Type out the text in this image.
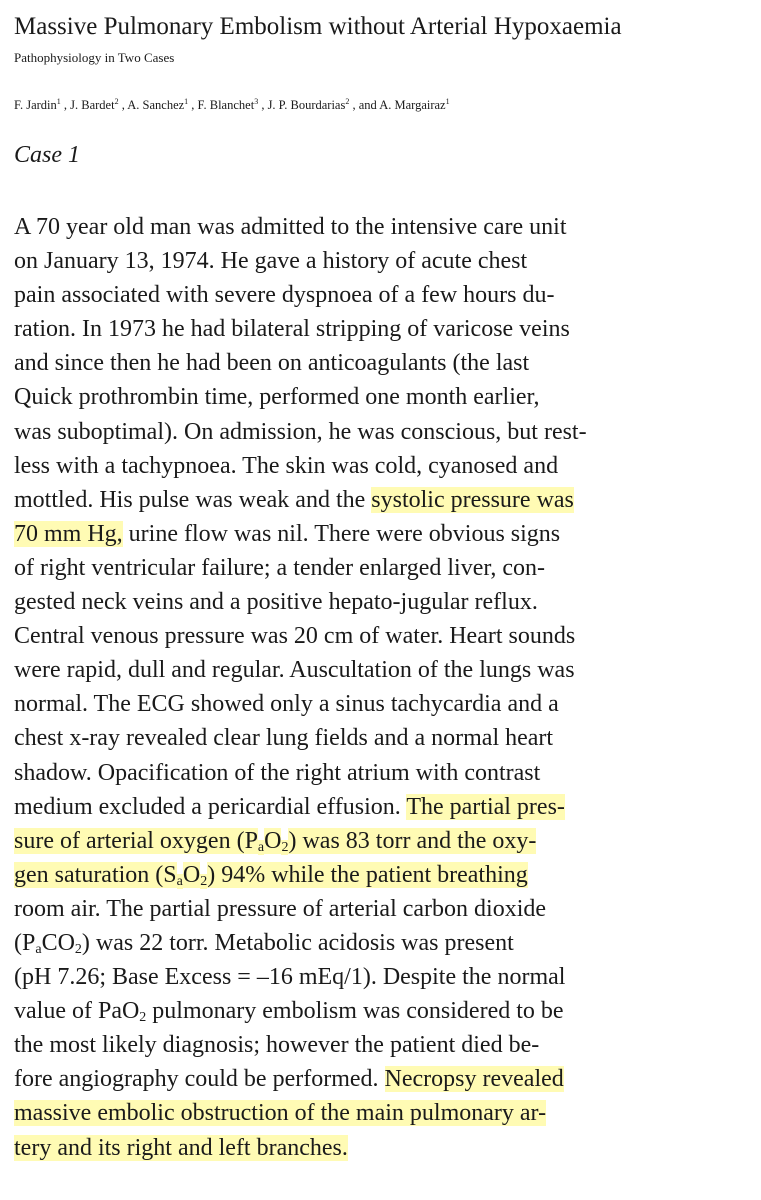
Massive Pulmonary Embolism without Arterial Hypoxaemia

Pathophysiology in Two Cases

F. Jardin$^1$ , J. Bardet$^2$ , A. Sanchez$^1$ , F. Blanchet$^3$ , J. P. Bourdarias$^2$ , and A. Margairaz$^1$

Case 1
A 70 year old man was admitted to the intensive care unit
on January 13, 1974. He gave a history of acute chest
pain associated with severe dyspnoea of a few hours du-
ration. In 1973 he had bilateral stripping of varicose veins
and since then he had been on anticoagulants (the last
Quick prothrombin time, performed one month earlier,
was suboptimal). On admission, he was conscious, but rest-
less with a tachypnoea. The skin was cold, cyanosed and
mottled. His pulse was weak and the systolic pressure was
70 mm Hg, urine flow was nil. There were obvious signs
of right ventricular failure; a tender enlarged liver, con-
gested neck veins and a positive hepato-jugular reflux.
Central venous pressure was 20 cm of water. Heart sounds
were rapid, dull and regular. Auscultation of the lungs was
normal. The ECG showed only a sinus tachycardia and a
chest x-ray revealed clear lung fields and a normal heart
shadow. Opacification of the right atrium with contrast
medium excluded a pericardial effusion. The partial pres-
sure of arterial oxygen $(P_aO_2)$ was 83 torr and the oxy-
gen saturation $(S_aO_2)$ 94% while the patient breathing
room air. The partial pressure of arterial carbon dioxide
$(P_aCO_2)$ was 22 torr. Metabolic acidosis was present
(pH 7.26; Base Excess = –16 mEq/1). Despite the normal
value of PaO$_2$ pulmonary embolism was considered to be
the most likely diagnosis; however the patient died be-
fore angiography could be performed. Necropsy revealed
massive embolic obstruction of the main pulmonary ar-
tery and its right and left branches.
